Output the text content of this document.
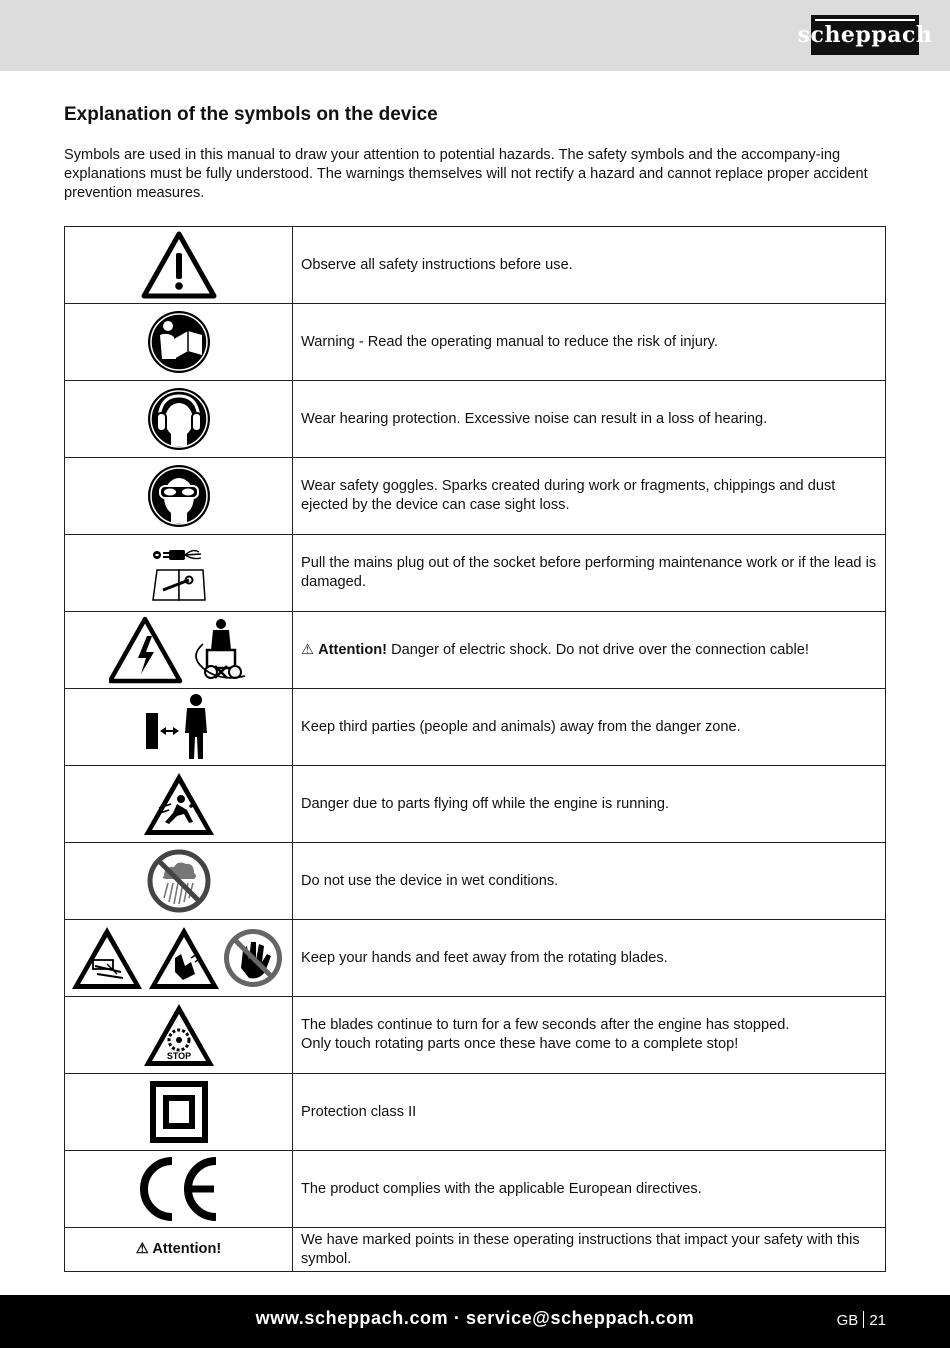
scheppach
Explanation of the symbols on the device

Symbols are used in this manual to draw your attention to potential hazards. The safety symbols and the accompany-ing explanations must be fully understood. The warnings themselves will not rectify a hazard and cannot replace proper accident prevention measures.

	Observe all safety instructions before use.
	Warning - Read the operating manual to reduce the risk of injury.
	Wear hearing protection. Excessive noise can result in a loss of hearing.
	Wear safety goggles. Sparks created during work or fragments, chippings and dust ejected by the device can case sight loss.
	Pull the mains plug out of the socket before performing maintenance work or if the lead is damaged.
	⚠ Attention! Danger of electric shock. Do not drive over the connection cable!
	Keep third parties (people and animals) away from the danger zone.
	Danger due to parts flying off while the engine is running.
	Do not use the device in wet conditions.
	Keep your hands and feet away from the rotating blades.

STOP	The blades continue to turn for a few seconds after the engine has stopped.
Only touch rotating parts once these have come to a complete stop!
	Protection class II
	The product complies with the applicable European directives.
⚠ Attention!	We have marked points in these operating instructions that impact your safety with this symbol.
www.scheppach.com · service@scheppach.com	GB 21
